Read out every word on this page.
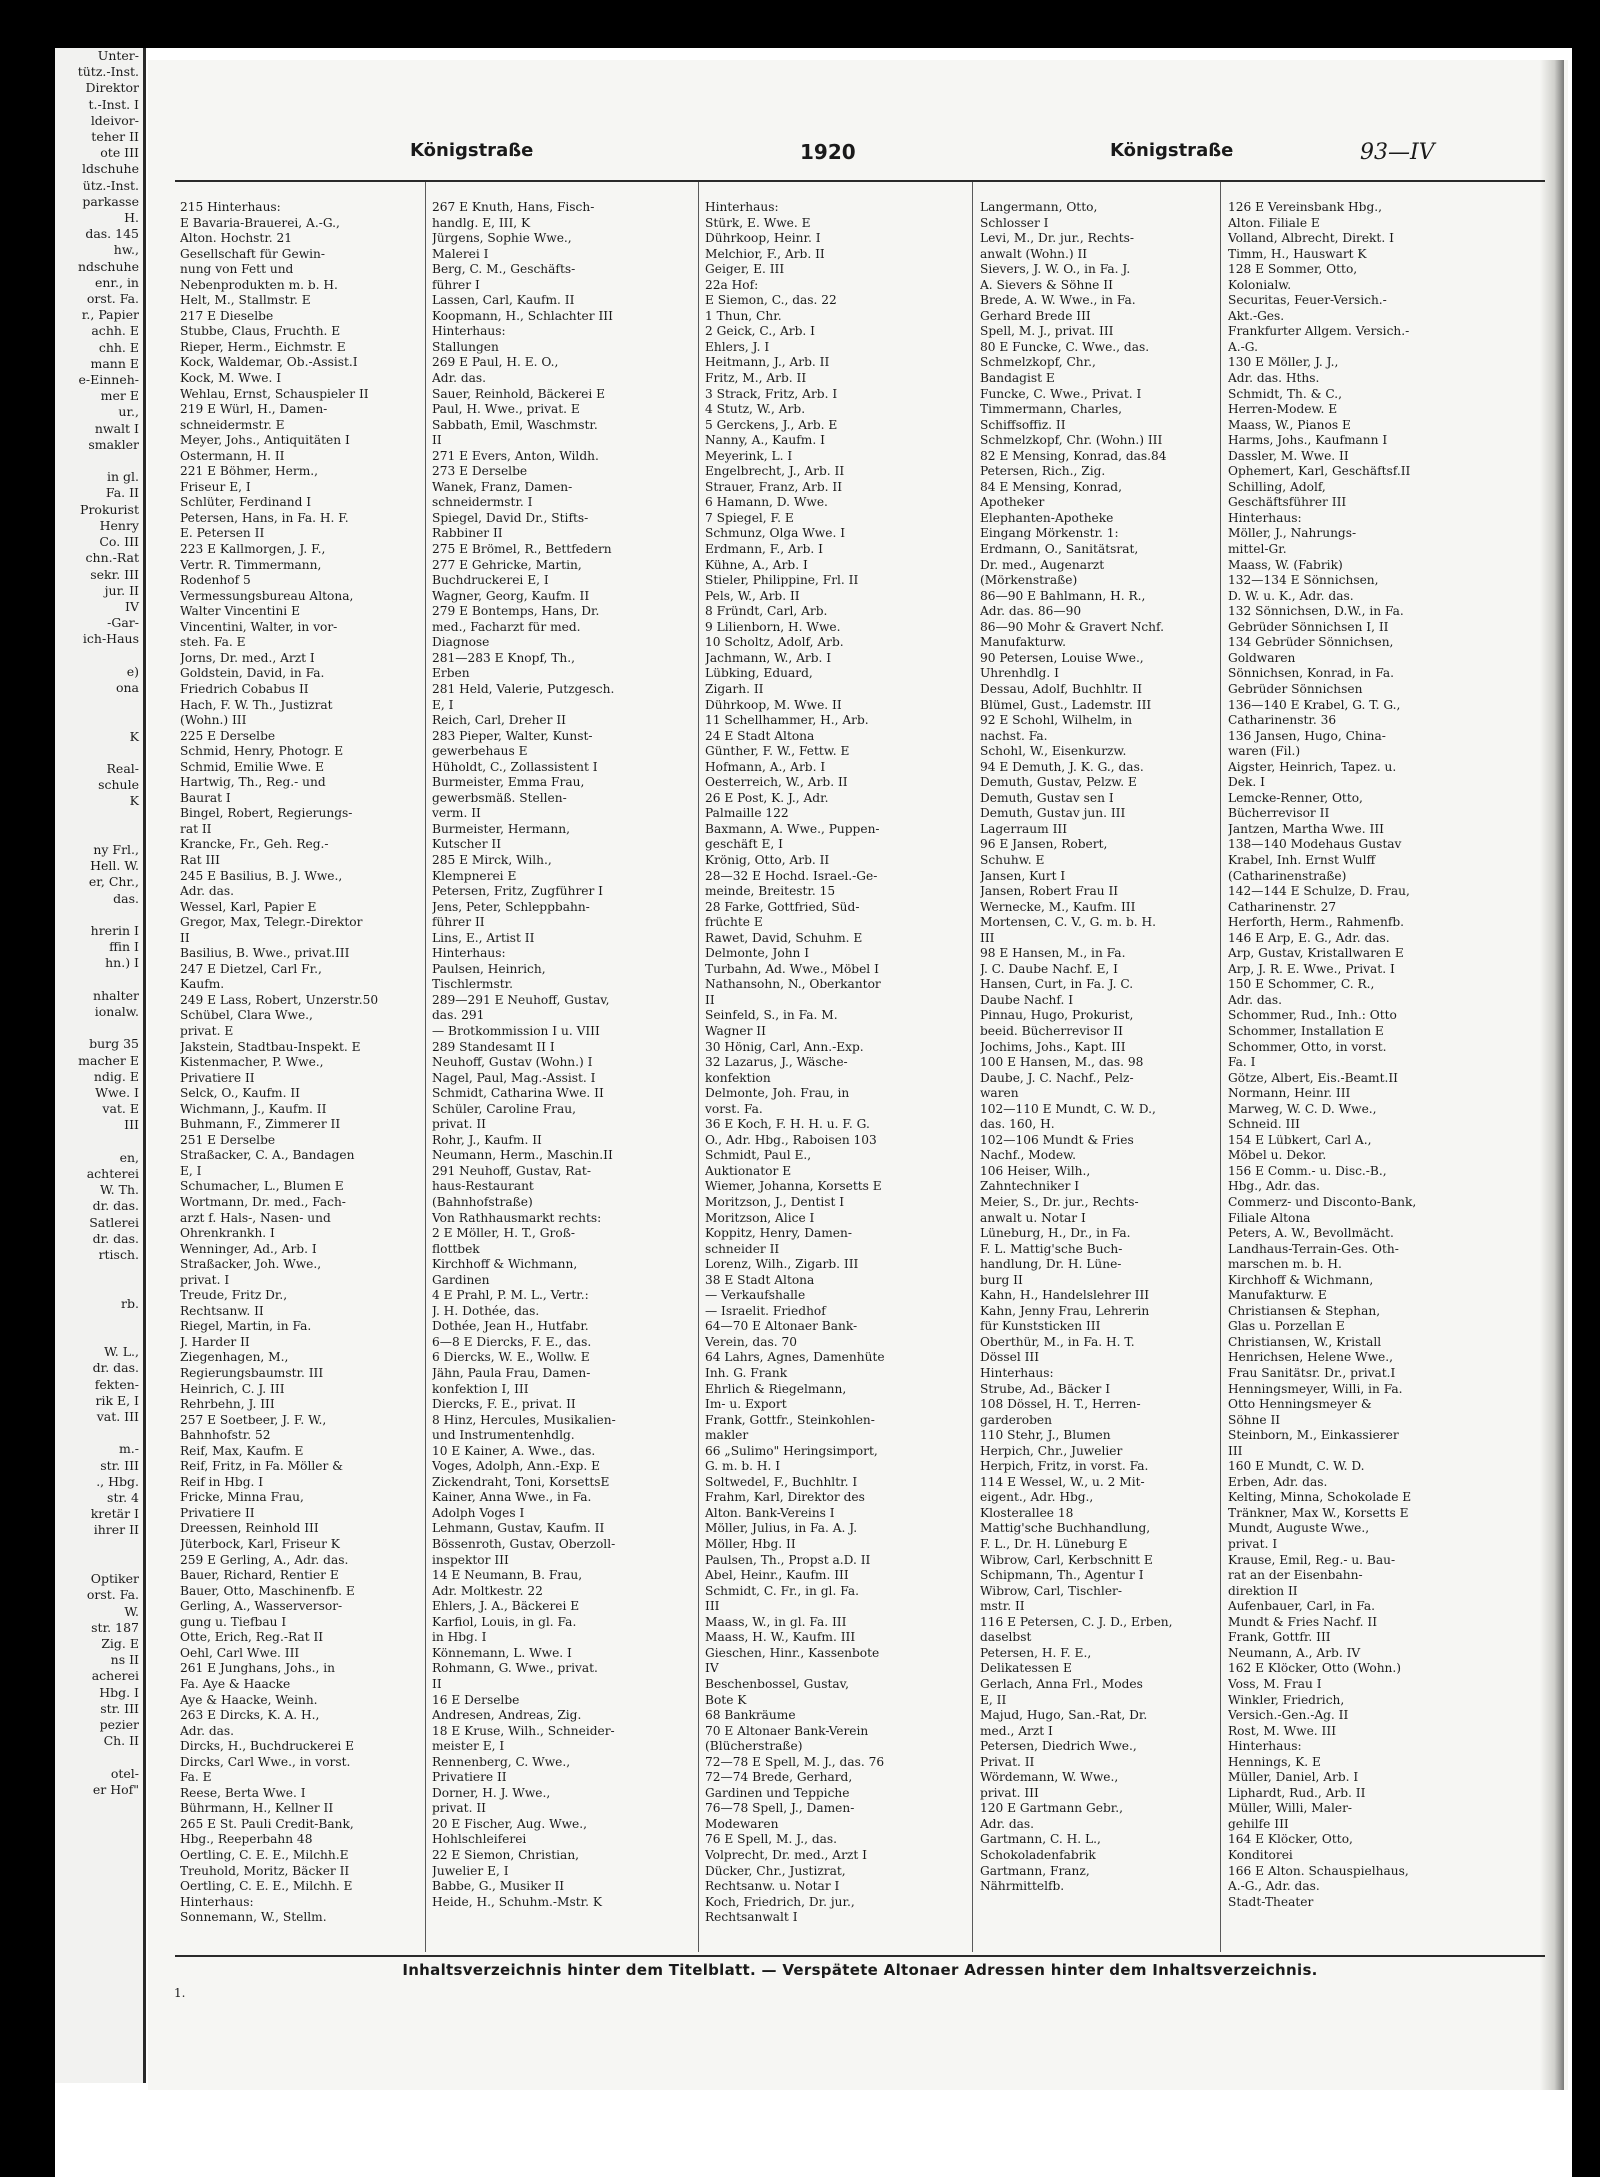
Unter-
tütz.-Inst.
Direktor
t.-Inst. I
ldeivor-
teher II
ote III
ldschuhe
ütz.-Inst.
parkasse
H.
das. 145
hw.,
ndschuhe
enr., in
orst. Fa.
r., Papier
achh. E
chh. E
mann E
e-Einneh-
mer E
ur.,
nwalt I
smakler

in gl.
Fa. II
Prokurist
Henry
Co. III
chn.-Rat
sekr. III
jur. II
IV
-Gar-
ich-Haus

e)
ona

K

Real-
schule
K

ny Frl.,
Hell. W.
er, Chr.,
das.

hrerin I
ffin I
hn.) I

nhalter
ionalw.

burg 35
macher E
ndig. E
Wwe. I
vat. E
III

en,
achterei
W. Th.
dr. das.
Satlerei
dr. das.
rtisch.

rb.

W. L.,
dr. das.
fekten-
rik E, I
vat. III

m.-
str. III
., Hbg.
str. 4
kretär I
ihrer II

Optiker
orst. Fa.
W.
str. 187
Zig. E
ns II
acherei
Hbg. I
str. III
pezier
Ch. II

otel-
er Hof"
Königstraße	1920	Königstraße	93—IV
215 Hinterhaus:
E Bavaria-Brauerei, A.-G.,
Alton. Hochstr. 21
Gesellschaft für Gewin-
nung von Fett und
Nebenprodukten m. b. H.
Helt, M., Stallmstr. E
217 E Dieselbe
Stubbe, Claus, Fruchth. E
Rieper, Herm., Eichmstr. E
Kock, Waldemar, Ob.-Assist.I
Kock, M. Wwe. I
Wehlau, Ernst, Schauspieler II
219 E Würl, H., Damen-
schneidermstr. E
Meyer, Johs., Antiquitäten I
Ostermann, H. II
221 E Böhmer, Herm.,
Friseur E, I
Schlüter, Ferdinand I
Petersen, Hans, in Fa. H. F.
E. Petersen II
223 E Kallmorgen, J. F.,
Vertr. R. Timmermann,
Rodenhof 5
Vermessungsbureau Altona,
Walter Vincentini E
Vincentini, Walter, in vor-
steh. Fa. E
Jorns, Dr. med., Arzt I
Goldstein, David, in Fa.
Friedrich Cobabus II
Hach, F. W. Th., Justizrat
(Wohn.) III
225 E Derselbe
Schmid, Henry, Photogr. E
Schmid, Emilie Wwe. E
Hartwig, Th., Reg.- und
Baurat I
Bingel, Robert, Regierungs-
rat II
Krancke, Fr., Geh. Reg.-
Rat III
245 E Basilius, B. J. Wwe.,
Adr. das.
Wessel, Karl, Papier E
Gregor, Max, Telegr.-Direktor
II
Basilius, B. Wwe., privat.III
247 E Dietzel, Carl Fr.,
Kaufm.
249 E Lass, Robert, Unzerstr.50
Schübel, Clara Wwe.,
privat. E
Jakstein, Stadtbau-Inspekt. E
Kistenmacher, P. Wwe.,
Privatiere II
Selck, O., Kaufm. II
Wichmann, J., Kaufm. II
Buhmann, F., Zimmerer II
251 E Derselbe
Straßacker, C. A., Bandagen
E, I
Schumacher, L., Blumen E
Wortmann, Dr. med., Fach-
arzt f. Hals-, Nasen- und
Ohrenkrankh. I
Wenninger, Ad., Arb. I
Straßacker, Joh. Wwe.,
privat. I
Treude, Fritz Dr.,
Rechtsanw. II
Riegel, Martin, in Fa.
J. Harder II
Ziegenhagen, M.,
Regierungsbaumstr. III
Heinrich, C. J. III
Rehrbehn, J. III
257 E Soetbeer, J. F. W.,
Bahnhofstr. 52
Reif, Max, Kaufm. E
Reif, Fritz, in Fa. Möller &
Reif in Hbg. I
Fricke, Minna Frau,
Privatiere II
Dreessen, Reinhold III
Jüterbock, Karl, Friseur K
259 E Gerling, A., Adr. das.
Bauer, Richard, Rentier E
Bauer, Otto, Maschinenfb. E
Gerling, A., Wasserversor-
gung u. Tiefbau I
Otte, Erich, Reg.-Rat II
Oehl, Carl Wwe. III
261 E Junghans, Johs., in
Fa. Aye & Haacke
Aye & Haacke, Weinh.
263 E Dircks, K. A. H.,
Adr. das.
Dircks, H., Buchdruckerei E
Dircks, Carl Wwe., in vorst.
Fa. E
Reese, Berta Wwe. I
Bührmann, H., Kellner II
265 E St. Pauli Credit-Bank,
Hbg., Reeperbahn 48
Oertling, C. E. E., Milchh.E
Treuhold, Moritz, Bäcker II
Oertling, C. E. E., Milchh. E
Hinterhaus:
Sonnemann, W., Stellm.
267 E Knuth, Hans, Fisch-
handlg. E, III, K
Jürgens, Sophie Wwe.,
Malerei I
Berg, C. M., Geschäfts-
führer I
Lassen, Carl, Kaufm. II
Koopmann, H., Schlachter III
Hinterhaus:
Stallungen
269 E Paul, H. E. O.,
Adr. das.
Sauer, Reinhold, Bäckerei E
Paul, H. Wwe., privat. E
Sabbath, Emil, Waschmstr.
II
271 E Evers, Anton, Wildh.
273 E Derselbe
Wanek, Franz, Damen-
schneidermstr. I
Spiegel, David Dr., Stifts-
Rabbiner II
275 E Brömel, R., Bettfedern
277 E Gehricke, Martin,
Buchdruckerei E, I
Wagner, Georg, Kaufm. II
279 E Bontemps, Hans, Dr.
med., Facharzt für med.
Diagnose
281—283 E Knopf, Th.,
Erben
281 Held, Valerie, Putzgesch.
E, I
Reich, Carl, Dreher II
283 Pieper, Walter, Kunst-
gewerbehaus E
Hüholdt, C., Zollassistent I
Burmeister, Emma Frau,
gewerbsmäß. Stellen-
verm. II
Burmeister, Hermann,
Kutscher II
285 E Mirck, Wilh.,
Klempnerei E
Petersen, Fritz, Zugführer I
Jens, Peter, Schleppbahn-
führer II
Lins, E., Artist II
Hinterhaus:
Paulsen, Heinrich,
Tischlermstr.
289—291 E Neuhoff, Gustav,
das. 291
— Brotkommission I u. VIII
289 Standesamt II I
Neuhoff, Gustav (Wohn.) I
Nagel, Paul, Mag.-Assist. I
Schmidt, Catharina Wwe. II
Schüler, Caroline Frau,
privat. II
Rohr, J., Kaufm. II
Neumann, Herm., Maschin.II
291 Neuhoff, Gustav, Rat-
haus-Restaurant
(Bahnhofstraße)
Von Rathhausmarkt rechts:
2 E Möller, H. T., Groß-
flottbek
Kirchhoff & Wichmann,
Gardinen
4 E Prahl, P. M. L., Vertr.:
J. H. Dothée, das.
Dothée, Jean H., Hutfabr.
6—8 E Diercks, F. E., das.
6 Diercks, W. E., Wollw. E
Jähn, Paula Frau, Damen-
konfektion I, III
Diercks, F. E., privat. II
8 Hinz, Hercules, Musikalien-
und Instrumentenhdlg.
10 E Kainer, A. Wwe., das.
Voges, Adolph, Ann.-Exp. E
Zickendraht, Toni, KorsettsE
Kainer, Anna Wwe., in Fa.
Adolph Voges I
Lehmann, Gustav, Kaufm. II
Bössenroth, Gustav, Oberzoll-
inspektor III
14 E Neumann, B. Frau,
Adr. Moltkestr. 22
Ehlers, J. A., Bäckerei E
Karfiol, Louis, in gl. Fa.
in Hbg. I
Könnemann, L. Wwe. I
Rohmann, G. Wwe., privat.
II
16 E Derselbe
Andresen, Andreas, Zig.
18 E Kruse, Wilh., Schneider-
meister E, I
Rennenberg, C. Wwe.,
Privatiere II
Dorner, H. J. Wwe.,
privat. II
20 E Fischer, Aug. Wwe.,
Hohlschleiferei
22 E Siemon, Christian,
Juwelier E, I
Babbe, G., Musiker II
Heide, H., Schuhm.-Mstr. K
Hinterhaus:
Stürk, E. Wwe. E
Dührkoop, Heinr. I
Melchior, F., Arb. II
Geiger, E. III
22a Hof:
E Siemon, C., das. 22
1 Thun, Chr.
2 Geick, C., Arb. I
Ehlers, J. I
Heitmann, J., Arb. II
Fritz, M., Arb. II
3 Strack, Fritz, Arb. I
4 Stutz, W., Arb.
5 Gerckens, J., Arb. E
Nanny, A., Kaufm. I
Meyerink, L. I
Engelbrecht, J., Arb. II
Strauer, Franz, Arb. II
6 Hamann, D. Wwe.
7 Spiegel, F. E
Schmunz, Olga Wwe. I
Erdmann, F., Arb. I
Kühne, A., Arb. I
Stieler, Philippine, Frl. II
Pels, W., Arb. II
8 Fründt, Carl, Arb.
9 Lilienborn, H. Wwe.
10 Scholtz, Adolf, Arb.
Jachmann, W., Arb. I
Lübking, Eduard,
Zigarh. II
Dührkoop, M. Wwe. II
11 Schellhammer, H., Arb.
24 E Stadt Altona
Günther, F. W., Fettw. E
Hofmann, A., Arb. I
Oesterreich, W., Arb. II
26 E Post, K. J., Adr.
Palmaille 122
Baxmann, A. Wwe., Puppen-
geschäft E, I
Krönig, Otto, Arb. II
28—32 E Hochd. Israel.-Ge-
meinde, Breitestr. 15
28 Farke, Gottfried, Süd-
früchte E
Rawet, David, Schuhm. E
Delmonte, John I
Turbahn, Ad. Wwe., Möbel I
Nathansohn, N., Oberkantor
II
Seinfeld, S., in Fa. M.
Wagner II
30 Hönig, Carl, Ann.-Exp.
32 Lazarus, J., Wäsche-
konfektion
Delmonte, Joh. Frau, in
vorst. Fa.
36 E Koch, F. H. H. u. F. G.
O., Adr. Hbg., Raboisen 103
Schmidt, Paul E.,
Auktionator E
Wiemer, Johanna, Korsetts E
Moritzson, J., Dentist I
Moritzson, Alice I
Koppitz, Henry, Damen-
schneider II
Lorenz, Wilh., Zigarb. III
38 E Stadt Altona
— Verkaufshalle
— Israelit. Friedhof
64—70 E Altonaer Bank-
Verein, das. 70
64 Lahrs, Agnes, Damenhüte
Inh. G. Frank
Ehrlich & Riegelmann,
Im- u. Export
Frank, Gottfr., Steinkohlen-
makler
66 „Sulimo" Heringsimport,
G. m. b. H. I
Soltwedel, F., Buchhltr. I
Frahm, Karl, Direktor des
Alton. Bank-Vereins I
Möller, Julius, in Fa. A. J.
Möller, Hbg. II
Paulsen, Th., Propst a.D. II
Abel, Heinr., Kaufm. III
Schmidt, C. Fr., in gl. Fa.
III
Maass, W., in gl. Fa. III
Maass, H. W., Kaufm. III
Gieschen, Hinr., Kassenbote
IV
Beschenbossel, Gustav,
Bote K
68 Bankräume
70 E Altonaer Bank-Verein
(Blücherstraße)
72—78 E Spell, M. J., das. 76
72—74 Brede, Gerhard,
Gardinen und Teppiche
76—78 Spell, J., Damen-
Modewaren
76 E Spell, M. J., das.
Volprecht, Dr. med., Arzt I
Dücker, Chr., Justizrat,
Rechtsanw. u. Notar I
Koch, Friedrich, Dr. jur.,
Rechtsanwalt I
Langermann, Otto,
Schlosser I
Levi, M., Dr. jur., Rechts-
anwalt (Wohn.) II
Sievers, J. W. O., in Fa. J.
A. Sievers & Söhne II
Brede, A. W. Wwe., in Fa.
Gerhard Brede III
Spell, M. J., privat. III
80 E Funcke, C. Wwe., das.
Schmelzkopf, Chr.,
Bandagist E
Funcke, C. Wwe., Privat. I
Timmermann, Charles,
Schiffsoffiz. II
Schmelzkopf, Chr. (Wohn.) III
82 E Mensing, Konrad, das.84
Petersen, Rich., Zig.
84 E Mensing, Konrad,
Apotheker
Elephanten-Apotheke
Eingang Mörkenstr. 1:
Erdmann, O., Sanitätsrat,
Dr. med., Augenarzt
(Mörkenstraße)
86—90 E Bahlmann, H. R.,
Adr. das. 86—90
86—90 Mohr & Gravert Nchf.
Manufakturw.
90 Petersen, Louise Wwe.,
Uhrenhdlg. I
Dessau, Adolf, Buchhltr. II
Blümel, Gust., Lademstr. III
92 E Schohl, Wilhelm, in
nachst. Fa.
Schohl, W., Eisenkurzw.
94 E Demuth, J. K. G., das.
Demuth, Gustav, Pelzw. E
Demuth, Gustav sen I
Demuth, Gustav jun. III
Lagerraum III
96 E Jansen, Robert,
Schuhw. E
Jansen, Kurt I
Jansen, Robert Frau II
Wernecke, M., Kaufm. III
Mortensen, C. V., G. m. b. H.
III
98 E Hansen, M., in Fa.
J. C. Daube Nachf. E, I
Hansen, Curt, in Fa. J. C.
Daube Nachf. I
Pinnau, Hugo, Prokurist,
beeid. Bücherrevisor II
Jochims, Johs., Kapt. III
100 E Hansen, M., das. 98
Daube, J. C. Nachf., Pelz-
waren
102—110 E Mundt, C. W. D.,
das. 160, H.
102—106 Mundt & Fries
Nachf., Modew.
106 Heiser, Wilh.,
Zahntechniker I
Meier, S., Dr. jur., Rechts-
anwalt u. Notar I
Lüneburg, H., Dr., in Fa.
F. L. Mattig'sche Buch-
handlung, Dr. H. Lüne-
burg II
Kahn, H., Handelslehrer III
Kahn, Jenny Frau, Lehrerin
für Kunststicken III
Oberthür, M., in Fa. H. T.
Dössel III
Hinterhaus:
Strube, Ad., Bäcker I
108 Dössel, H. T., Herren-
garderoben
110 Stehr, J., Blumen
Herpich, Chr., Juwelier
Herpich, Fritz, in vorst. Fa.
114 E Wessel, W., u. 2 Mit-
eigent., Adr. Hbg.,
Klosterallee 18
Mattig'sche Buchhandlung,
F. L., Dr. H. Lüneburg E
Wibrow, Carl, Kerbschnitt E
Schipmann, Th., Agentur I
Wibrow, Carl, Tischler-
mstr. II
116 E Petersen, C. J. D., Erben,
daselbst
Petersen, H. F. E.,
Delikatessen E
Gerlach, Anna Frl., Modes
E, II
Majud, Hugo, San.-Rat, Dr.
med., Arzt I
Petersen, Diedrich Wwe.,
Privat. II
Wördemann, W. Wwe.,
privat. III
120 E Gartmann Gebr.,
Adr. das.
Gartmann, C. H. L.,
Schokoladenfabrik
Gartmann, Franz,
Nährmittelfb.
126 E Vereinsbank Hbg.,
Alton. Filiale E
Volland, Albrecht, Direkt. I
Timm, H., Hauswart K
128 E Sommer, Otto,
Kolonialw.
Securitas, Feuer-Versich.-
Akt.-Ges.
Frankfurter Allgem. Versich.-
A.-G.
130 E Möller, J. J.,
Adr. das. Hths.
Schmidt, Th. & C.,
Herren-Modew. E
Maass, W., Pianos E
Harms, Johs., Kaufmann I
Dassler, M. Wwe. II
Ophemert, Karl, Geschäftsf.II
Schilling, Adolf,
Geschäftsführer III
Hinterhaus:
Möller, J., Nahrungs-
mittel-Gr.
Maass, W. (Fabrik)
132—134 E Sönnichsen,
D. W. u. K., Adr. das.
132 Sönnichsen, D.W., in Fa.
Gebrüder Sönnichsen I, II
134 Gebrüder Sönnichsen,
Goldwaren
Sönnichsen, Konrad, in Fa.
Gebrüder Sönnichsen
136—140 E Krabel, G. T. G.,
Catharinenstr. 36
136 Jansen, Hugo, China-
waren (Fil.)
Aigster, Heinrich, Tapez. u.
Dek. I
Lemcke-Renner, Otto,
Bücherrevisor II
Jantzen, Martha Wwe. III
138—140 Modehaus Gustav
Krabel, Inh. Ernst Wulff
(Catharinenstraße)
142—144 E Schulze, D. Frau,
Catharinenstr. 27
Herforth, Herm., Rahmenfb.
146 E Arp, E. G., Adr. das.
Arp, Gustav, Kristallwaren E
Arp, J. R. E. Wwe., Privat. I
150 E Schommer, C. R.,
Adr. das.
Schommer, Rud., Inh.: Otto
Schommer, Installation E
Schommer, Otto, in vorst.
Fa. I
Götze, Albert, Eis.-Beamt.II
Normann, Heinr. III
Marweg, W. C. D. Wwe.,
Schneid. III
154 E Lübkert, Carl A.,
Möbel u. Dekor.
156 E Comm.- u. Disc.-B.,
Hbg., Adr. das.
Commerz- und Disconto-Bank,
Filiale Altona
Peters, A. W., Bevollmächt.
Landhaus-Terrain-Ges. Oth-
marschen m. b. H.
Kirchhoff & Wichmann,
Manufakturw. E
Christiansen & Stephan,
Glas u. Porzellan E
Christiansen, W., Kristall
Henrichsen, Helene Wwe.,
Frau Sanitätsr. Dr., privat.I
Henningsmeyer, Willi, in Fa.
Otto Henningsmeyer &
Söhne II
Steinborn, M., Einkassierer
III
160 E Mundt, C. W. D.
Erben, Adr. das.
Kelting, Minna, Schokolade E
Tränkner, Max W., Korsetts E
Mundt, Auguste Wwe.,
privat. I
Krause, Emil, Reg.- u. Bau-
rat an der Eisenbahn-
direktion II
Aufenbauer, Carl, in Fa.
Mundt & Fries Nachf. II
Frank, Gottfr. III
Neumann, A., Arb. IV
162 E Klöcker, Otto (Wohn.)
Voss, M. Frau I
Winkler, Friedrich,
Versich.-Gen.-Ag. II
Rost, M. Wwe. III
Hinterhaus:
Hennings, K. E
Müller, Daniel, Arb. I
Liphardt, Rud., Arb. II
Müller, Willi, Maler-
gehilfe III
164 E Klöcker, Otto,
Konditorei
166 E Alton. Schauspielhaus,
A.-G., Adr. das.
Stadt-Theater
Inhaltsverzeichnis hinter dem Titelblatt. — Verspätete Altonaer Adressen hinter dem Inhaltsverzeichnis.
1.
